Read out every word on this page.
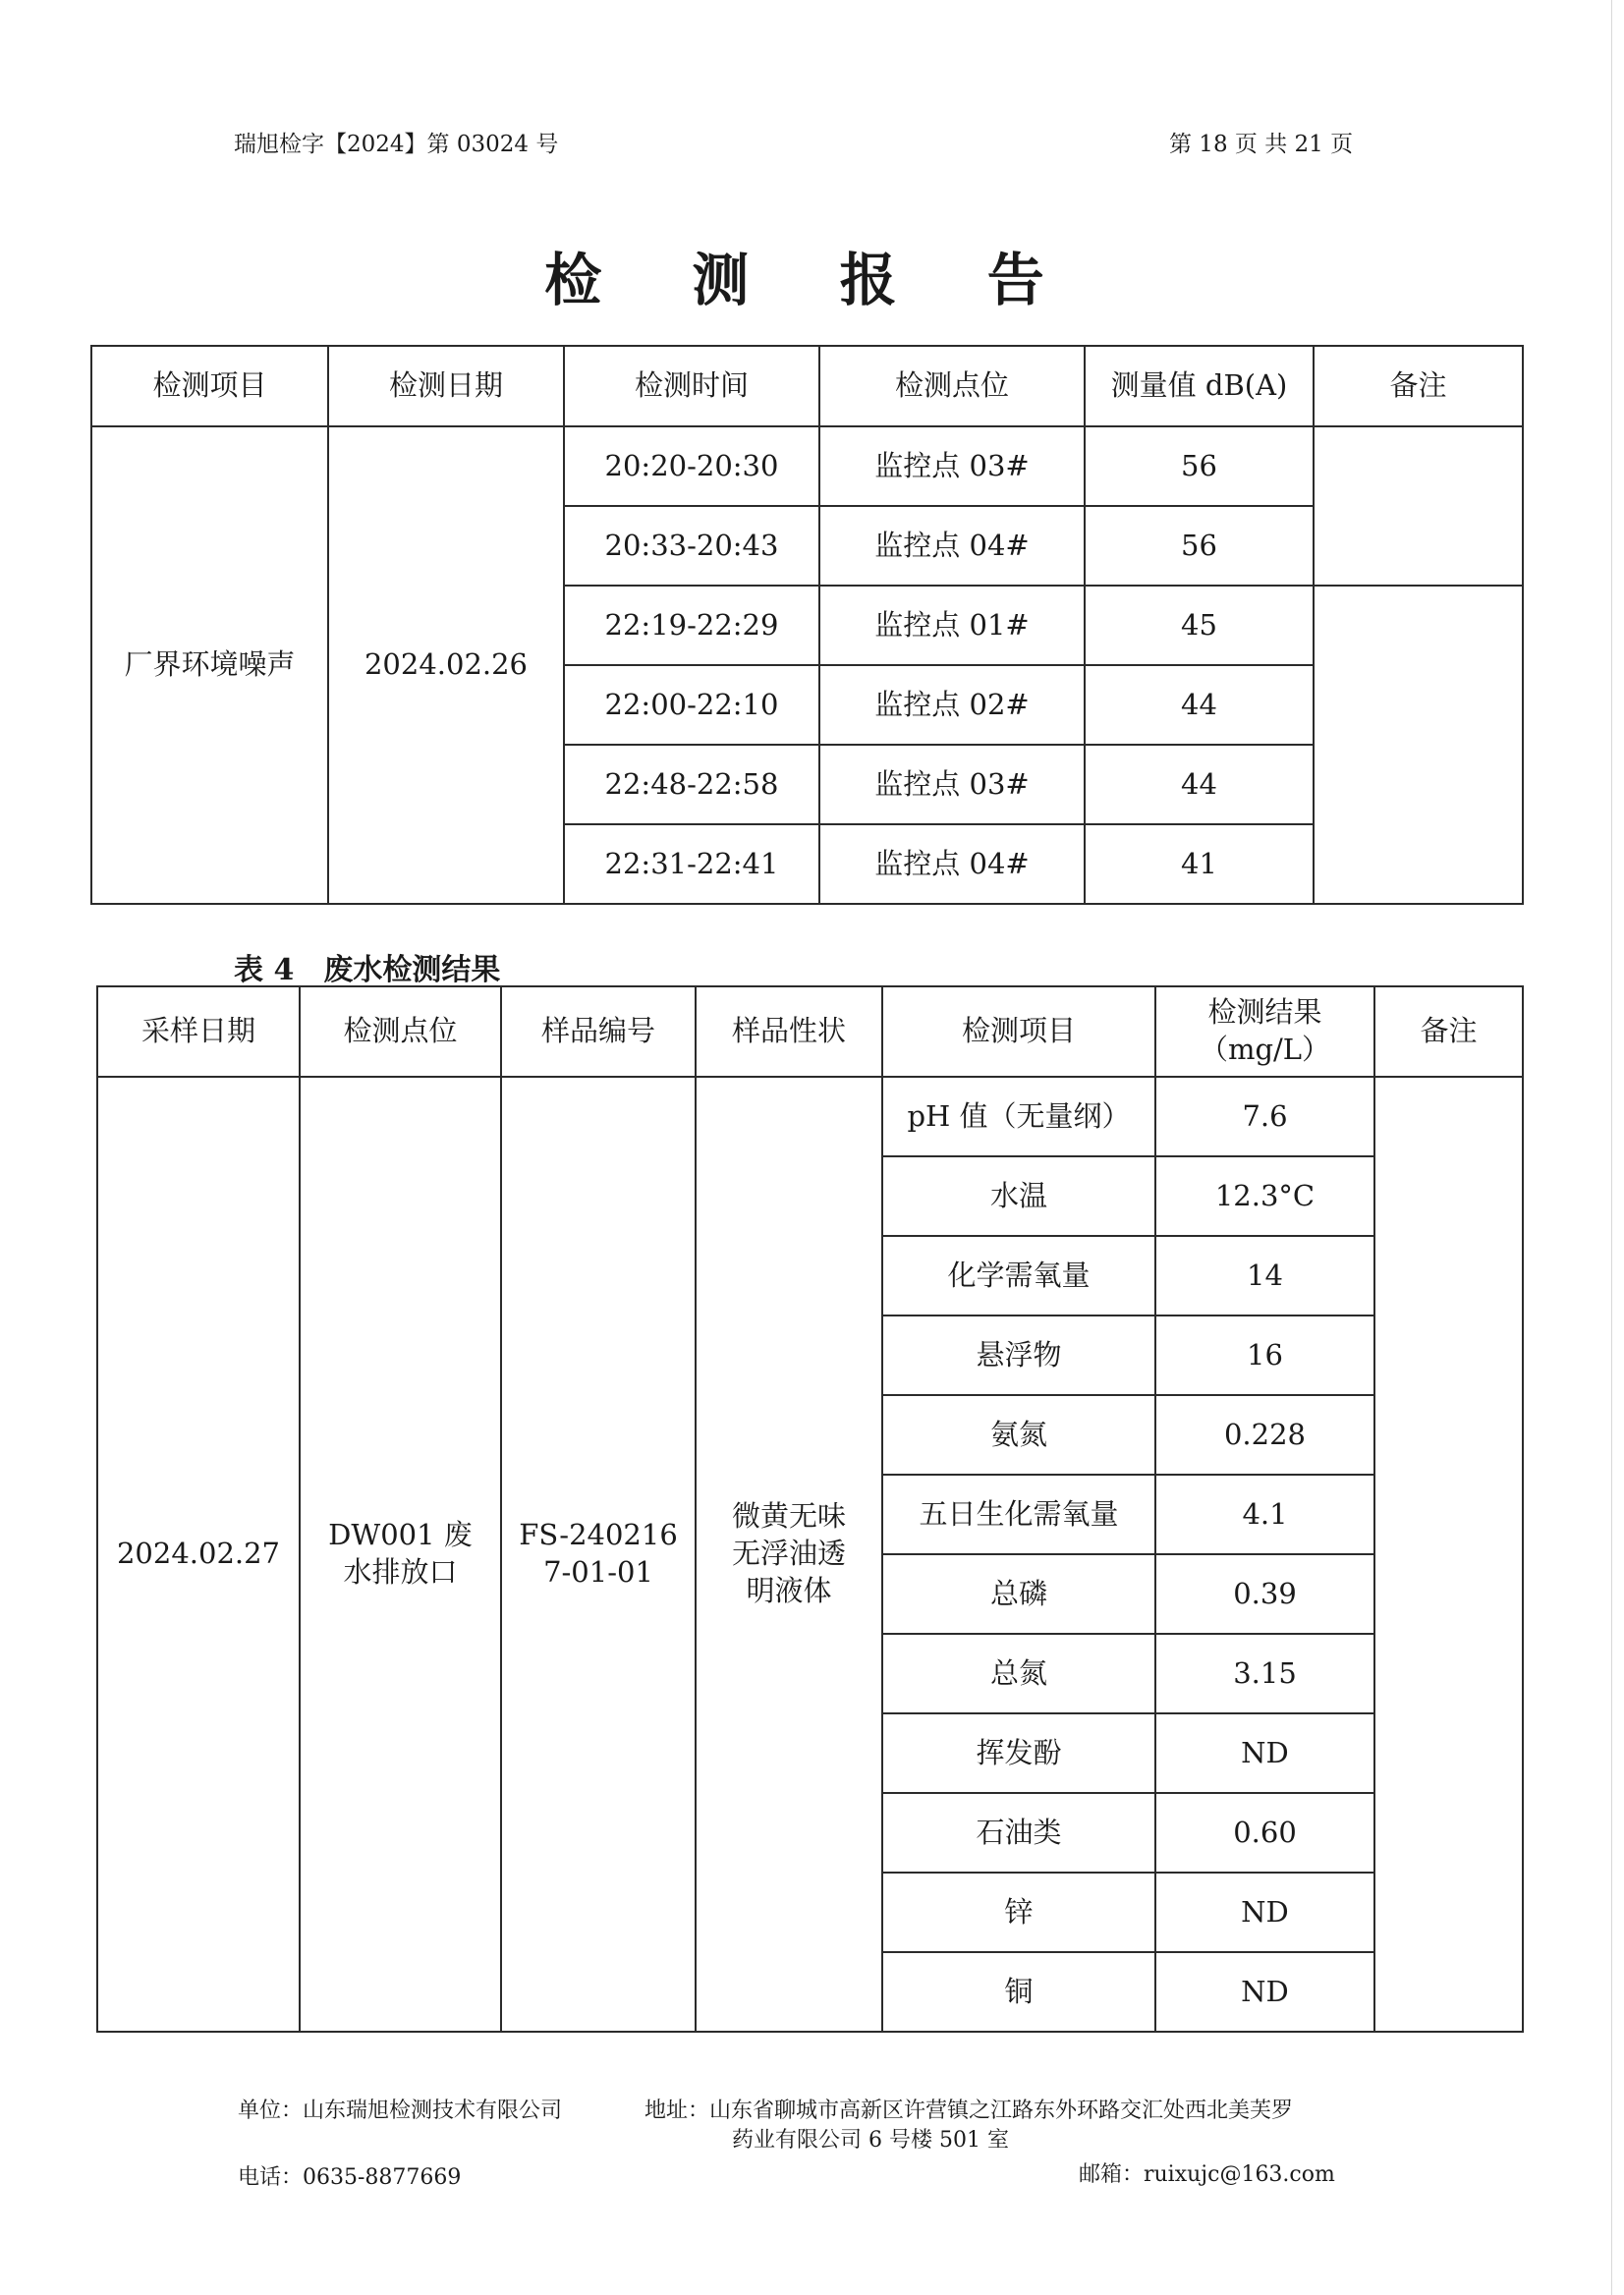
瑞旭检字【2024】第 03024 号	第 18 页 共 21 页
检 测 报 告
检测项目	检测日期	检测时间	检测点位	测量值 dB(A)	备注
厂界环境噪声	2024.02.26	20:20-20:30	监控点 03#	56	
		20:33-20:43	监控点 04#	56	
		22:19-22:29	监控点 01#	45	
		22:00-22:10	监控点 02#	44	
		22:48-22:58	监控点 03#	44	
		22:31-22:41	监控点 04#	41	
表 4　废水检测结果
采样日期	检测点位	样品编号	样品性状	检测项目	检测结果（mg/L）	备注
2024.02.27	DW001 废水排放口	FS-2402167-01-01	微黄无味无浮油透明液体	pH 值（无量纲）	7.6	
				水温	12.3°C	
				化学需氧量	14	
				悬浮物	16	
				氨氮	0.228	
				五日生化需氧量	4.1	
				总磷	0.39	
				总氮	3.15	
				挥发酚	ND	
				石油类	0.60	
				锌	ND	
				铜	ND	
单位：山东瑞旭检测技术有限公司	地址：山东省聊城市高新区许营镇之江路东外环路交汇处西北美芙罗
药业有限公司 6 号楼 501 室
电话：0635-8877669	邮箱：ruixujc@163.com
